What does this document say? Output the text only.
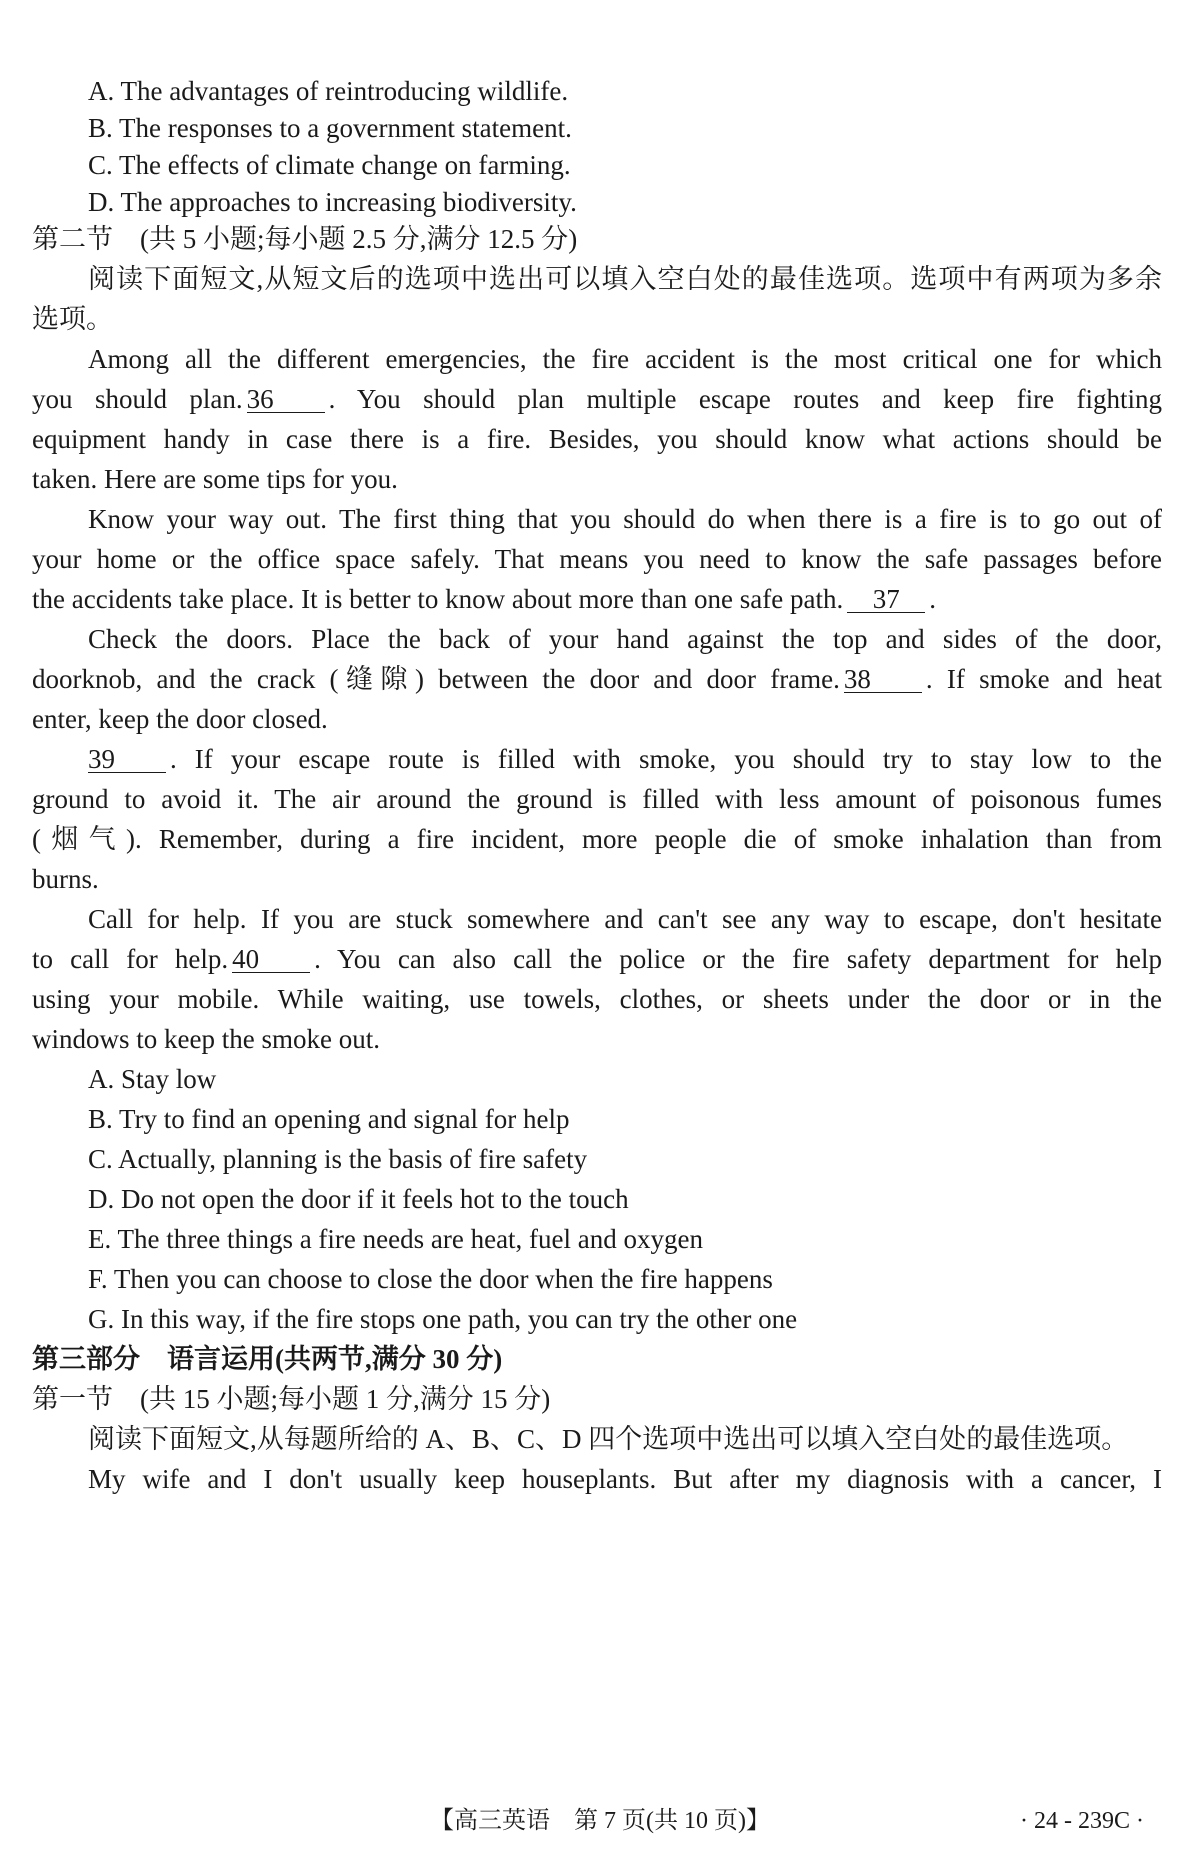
A. The advantages of reintroducing wildlife.
B. The responses to a government statement.
C. The effects of climate change on farming.
D. The approaches to increasing biodiversity.
第二节　(共 5 小题;每小题 2.5 分,满分 12.5 分)
阅读下面短文,从短文后的选项中选出可以填入空白处的最佳选项。选项中有两项为多余
选项。
Among all the different emergencies, the fire accident is the most critical one for which
you should plan. 36 . You should plan multiple escape routes and keep fire fighting
equipment handy in case there is a fire. Besides, you should know what actions should be
taken. Here are some tips for you.
Know your way out. The first thing that you should do when there is a fire is to go out of
your home or the office space safely. That means you need to know the safe passages before
the accidents take place. It is better to know about more than one safe path. 37 .
Check the doors. Place the back of your hand against the top and sides of the door,
doorknob, and the crack (缝隙) between the door and door frame. 38 . If smoke and heat
enter, keep the door closed.
39 . If your escape route is filled with smoke, you should try to stay low to the
ground to avoid it. The air around the ground is filled with less amount of poisonous fumes
(烟气). Remember, during a fire incident, more people die of smoke inhalation than from
burns.
Call for help. If you are stuck somewhere and can't see any way to escape, don't hesitate
to call for help. 40 . You can also call the police or the fire safety department for help
using your mobile. While waiting, use towels, clothes, or sheets under the door or in the
windows to keep the smoke out.
A. Stay low
B. Try to find an opening and signal for help
C. Actually, planning is the basis of fire safety
D. Do not open the door if it feels hot to the touch
E. The three things a fire needs are heat, fuel and oxygen
F. Then you can choose to close the door when the fire happens
G. In this way, if the fire stops one path, you can try the other one
第三部分　语言运用(共两节,满分 30 分)
第一节　(共 15 小题;每小题 1 分,满分 15 分)
阅读下面短文,从每题所给的 A、B、C、D 四个选项中选出可以填入空白处的最佳选项。
My wife and I don't usually keep houseplants. But after my diagnosis with a cancer, I
【高三英语　第 7 页(共 10 页)】	· 24 - 239C ·
